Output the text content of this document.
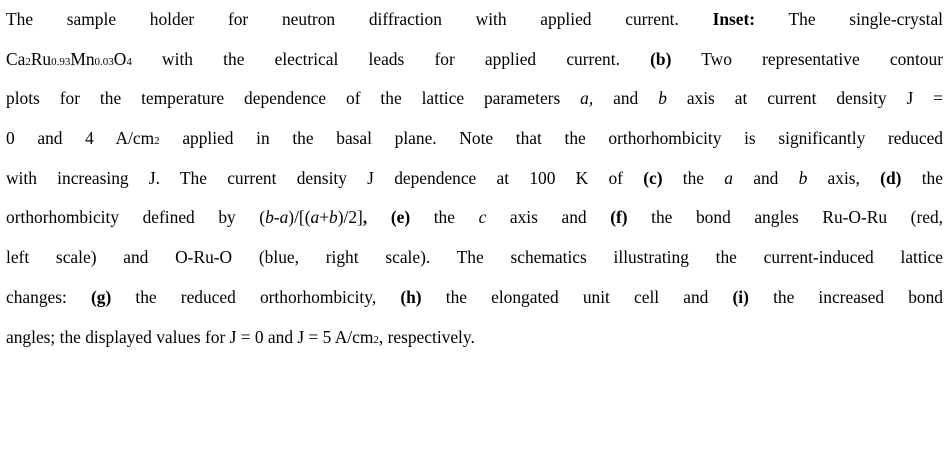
The sample holder for neutron diffraction with applied current. Inset: The single-crystal
Ca2Ru0.93Mn0.03O4 with the electrical leads for applied current. (b) Two representative contour
plots for the temperature dependence of the lattice parameters a, and b axis at current density J =
0 and 4 A/cm2 applied in the basal plane. Note that the orthorhombicity is significantly reduced
with increasing J. The current density J dependence at 100 K of (c) the a and b axis, (d) the
orthorhombicity defined by (b-a)/[(a+b)/2], (e) the c axis and (f) the bond angles Ru-O-Ru (red,
left scale) and O-Ru-O (blue, right scale). The schematics illustrating the current-induced lattice
changes: (g) the reduced orthorhombicity, (h) the elongated unit cell and (i) the increased bond
angles; the displayed values for J = 0 and J = 5 A/cm2, respectively.
